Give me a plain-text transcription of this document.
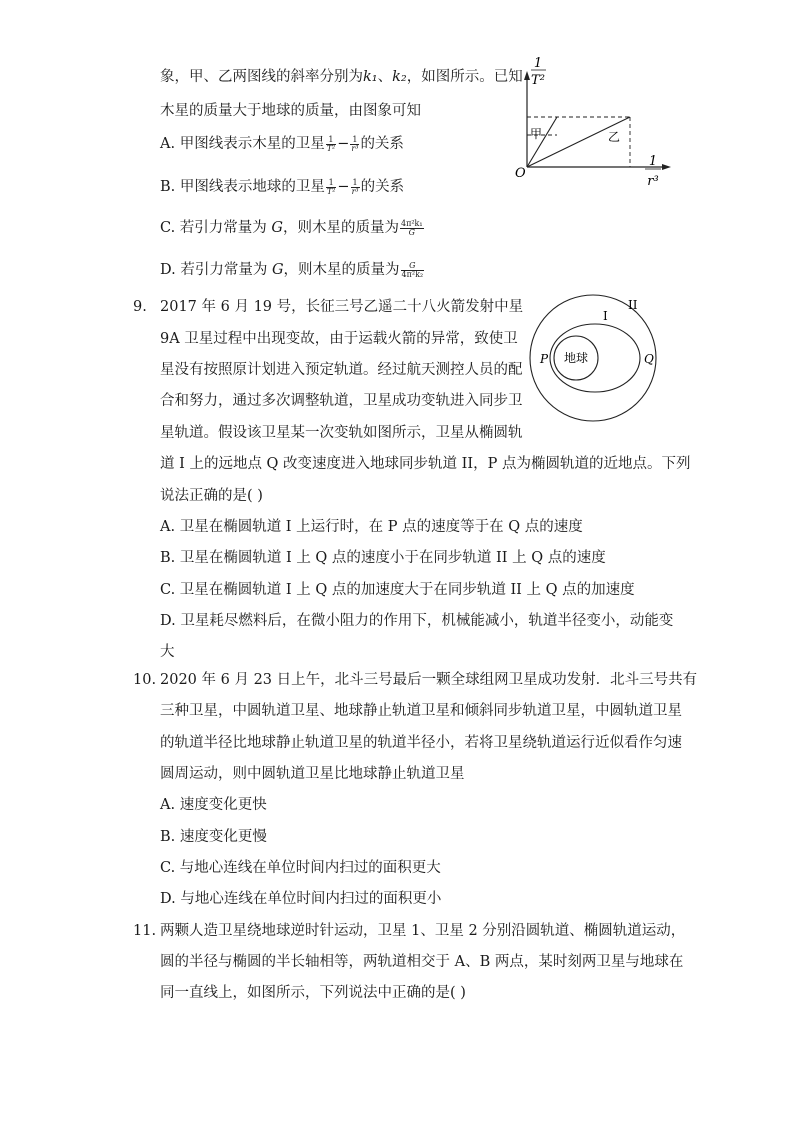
象，甲、乙两图线的斜率分别为k₁、k₂，如图所示。已知
木星的质量大于地球的质量，由图象可知
A. 甲图线表示木星的卫星 $\frac{1}{\text{T²}} - \frac{1}{\text{r³}}$ 的关系
B. 甲图线表示地球的卫星 $\frac{1}{\text{T²}} - \frac{1}{\text{r³}}$ 的关系
C. 若引力常量为 G，则木星的质量为 $\frac{\text{4π²k₁}}{G}$
D. 若引力常量为 G，则木星的质量为 $\frac{G}{\text{4π²k₂}}$
1
T²
1
r³
O
甲	乙
9. 2017 年 6 月 19 号，长征三号乙遥二十八火箭发射中星
9A 卫星过程中出现变故，由于运载火箭的异常，致使卫
星没有按照原计划进入预定轨道。经过航天测控人员的配
合和努力，通过多次调整轨道，卫星成功变轨进入同步卫
星轨道。假设该卫星某一次变轨如图所示，卫星从椭圆轨
道 I 上的远地点 Q 改变速度进入地球同步轨道 II，P 点为椭圆轨道的近地点。下列
说法正确的是( )
A. 卫星在椭圆轨道 I 上运行时，在 P 点的速度等于在 Q 点的速度
B. 卫星在椭圆轨道 I 上 Q 点的速度小于在同步轨道 II 上 Q 点的速度
C. 卫星在椭圆轨道 I 上 Q 点的加速度大于在同步轨道 II 上 Q 点的加速度
D. 卫星耗尽燃料后，在微小阻力的作用下，机械能减小，轨道半径变小，动能变
大
地球
P	Q
I
II
10. 2020 年 6 月 23 日上午，北斗三号最后一颗全球组网卫星成功发射．北斗三号共有
三种卫星，中圆轨道卫星、地球静止轨道卫星和倾斜同步轨道卫星，中圆轨道卫星
的轨道半径比地球静止轨道卫星的轨道半径小，若将卫星绕轨道运行近似看作匀速
圆周运动，则中圆轨道卫星比地球静止轨道卫星
A. 速度变化更快
B. 速度变化更慢
C. 与地心连线在单位时间内扫过的面积更大
D. 与地心连线在单位时间内扫过的面积更小
11. 两颗人造卫星绕地球逆时针运动，卫星 1、卫星 2 分别沿圆轨道、椭圆轨道运动，
圆的半径与椭圆的半长轴相等，两轨道相交于 A、B 两点，某时刻两卫星与地球在
同一直线上，如图所示，下列说法中正确的是( )
